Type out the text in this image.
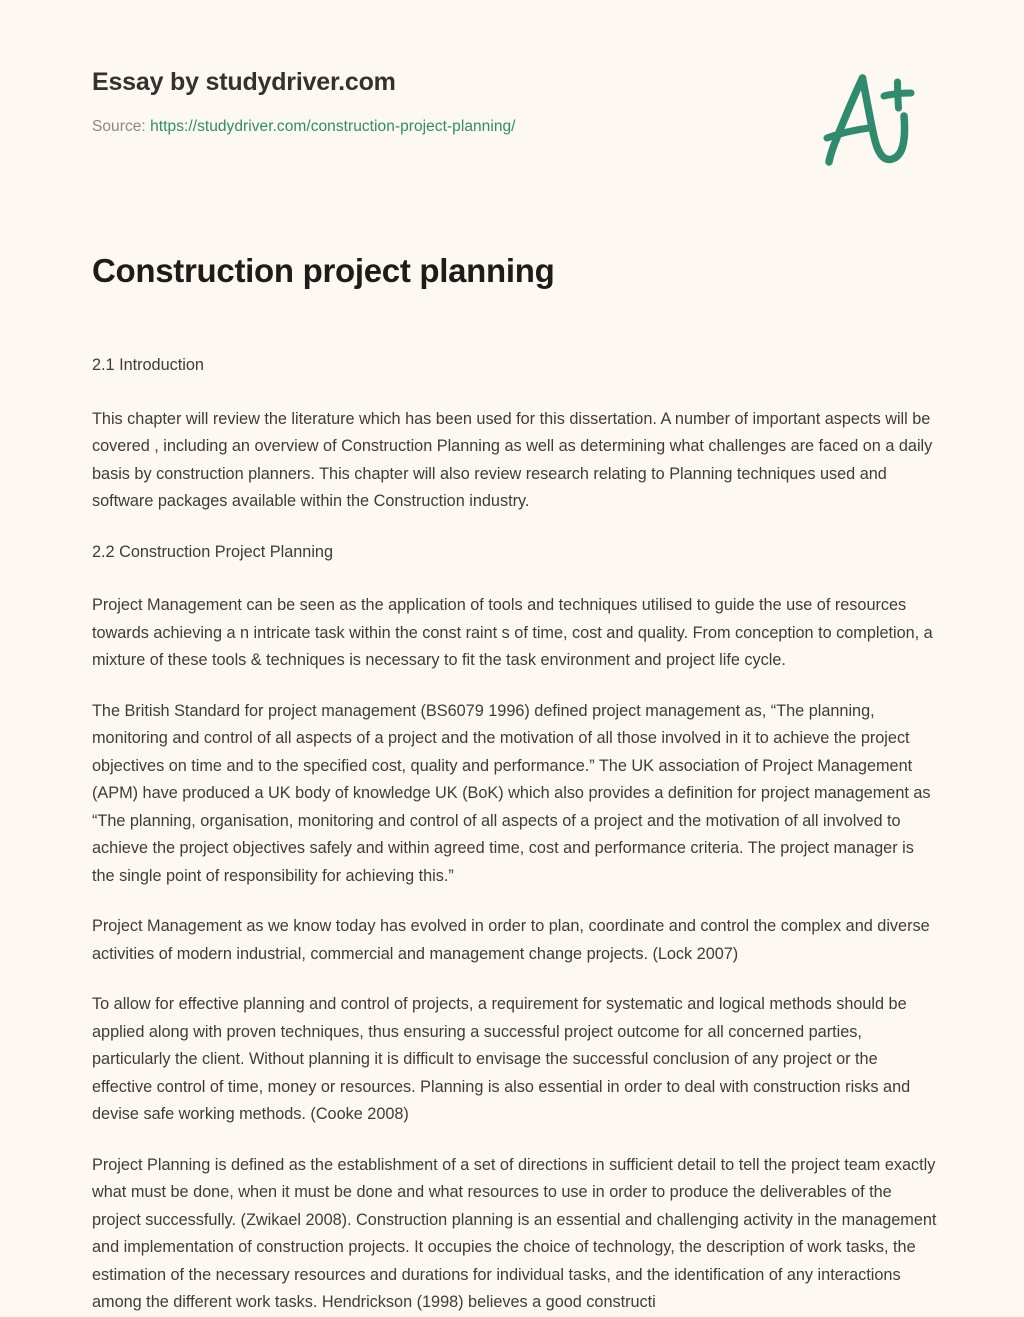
Essay by studydriver.com
Source: https://studydriver.com/construction-project-planning/
Construction project planning

2.1 Introduction

This chapter will review the literature which has been used for this dissertation. A number of important aspects will be covered , including an overview of Construction Planning as well as determining what challenges are faced on a daily basis by construction planners. This chapter will also review research relating to Planning techniques used and software packages available within the Construction industry.

2.2 Construction Project Planning

Project Management can be seen as the application of tools and techniques utilised to guide the use of resources towards achieving a n intricate task within the const raint s of time, cost and quality. From conception to completion, a mixture of these tools & techniques is necessary to fit the task environment and project life cycle.

The British Standard for project management (BS6079 1996) defined project management as, “The planning, monitoring and control of all aspects of a project and the motivation of all those involved in it to achieve the project objectives on time and to the specified cost, quality and performance.” The UK association of Project Management (APM) have produced a UK body of knowledge UK (BoK) which also provides a definition for project management as “The planning, organisation, monitoring and control of all aspects of a project and the motivation of all involved to achieve the project objectives safely and within agreed time, cost and performance criteria. The project manager is the single point of responsibility for achieving this.”

Project Management as we know today has evolved in order to plan, coordinate and control the complex and diverse activities of modern industrial, commercial and management change projects. (Lock 2007)

To allow for effective planning and control of projects, a requirement for systematic and logical methods should be applied along with proven techniques, thus ensuring a successful project outcome for all concerned parties, particularly the client. Without planning it is difficult to envisage the successful conclusion of any project or the effective control of time, money or resources. Planning is also essential in order to deal with construction risks and devise safe working methods. (Cooke 2008)

Project Planning is defined as the establishment of a set of directions in sufficient detail to tell the project team exactly what must be done, when it must be done and what resources to use in order to produce the deliverables of the project successfully. (Zwikael 2008). Construction planning is an essential and challenging activity in the management and implementation of construction projects. It occupies the choice of technology, the description of work tasks, the estimation of the necessary resources and durations for individual tasks, and the identification of any interactions among the different work tasks. Hendrickson (1998) believes a good constructi
